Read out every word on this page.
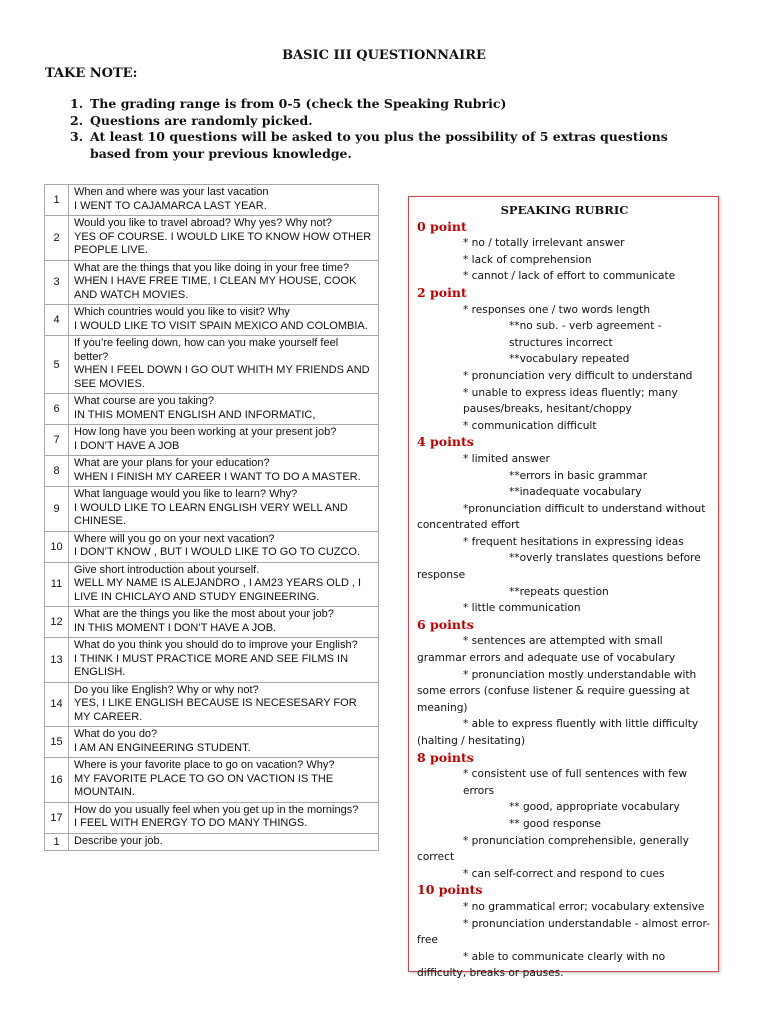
BASIC III QUESTIONNAIRE
TAKE NOTE:
1. The grading range is from 0-5 (check the Speaking Rubric)
2. Questions are randomly picked.
3. At least 10 questions will be asked to you plus the possibility of 5 extras questions based from your previous knowledge.
1	When and where was your last vacation
I WENT TO CAJAMARCA LAST YEAR.

2	Would you like to travel abroad? Why yes? Why not?
YES OF COURSE. I WOULD LIKE TO KNOW HOW OTHER PEOPLE LIVE.

3	What are the things that you like doing in your free time?
WHEN I HAVE FREE TIME, I CLEAN MY HOUSE, COOK AND WATCH MOVIES.

4	Which countries would you like to visit? Why
I WOULD LIKE TO VISIT SPAIN MEXICO AND COLOMBIA.

5	If you’re feeling down, how can you make yourself feel better?
WHEN I FEEL DOWN I GO OUT WHITH MY FRIENDS AND SEE MOVIES.

6	What course are you taking?
IN THIS MOMENT ENGLISH AND INFORMATIC,

7	How long have you been working at your present job?
I DON’T HAVE A JOB

8	What are your plans for your education?
WHEN I FINISH MY CAREER I WANT TO DO A MASTER.

9	What language would you like to learn? Why?
I WOULD LIKE TO LEARN ENGLISH VERY WELL AND CHINESE.

10	Where will you go on your next vacation?
I DON’T KNOW , BUT I WOULD LIKE TO GO TO CUZCO.

11	Give short introduction about yourself.
WELL MY NAME IS ALEJANDRO , I AM23 YEARS OLD , I LIVE IN CHICLAYO AND STUDY ENGINEERING.

12	What are the things you like the most about your job?
IN THIS MOMENT I DON’T HAVE A JOB.

13	What do you think you should do to improve your English?
I THINK I MUST PRACTICE MORE AND SEE FILMS IN ENGLISH.

14	Do you like English? Why or why not?
YES, I LIKE ENGLISH BECAUSE IS NECESESARY FOR MY CAREER.

15	What do you do?
I AM AN ENGINEERING STUDENT.

16	Where is your favorite place to go on vacation? Why?
MY FAVORITE PLACE TO GO ON VACTION IS THE MOUNTAIN.

17	How do you usually feel when you get up in the mornings?
I FEEL WITH ENERGY TO DO MANY THINGS.

1	Describe your job.
SPEAKING RUBRIC
0 point
* no / totally irrelevant answer
* lack of comprehension
* cannot / lack of effort to communicate
2 point
* responses one / two words length
**no sub. - verb agreement - structures incorrect
**vocabulary repeated
* pronunciation very difficult to understand
* unable to express ideas fluently; many pauses/breaks, hesitant/choppy
* communication difficult
4 points
* limited answer
**errors in basic grammar
**inadequate vocabulary
*pronunciation difficult to understand without concentrated effort
* frequent hesitations in expressing ideas
**overly translates questions before response
**repeats question
* little communication
6 points
* sentences are attempted with small grammar errors and adequate use of vocabulary
* pronunciation mostly understandable with some errors (confuse listener & require guessing at meaning)
* able to express fluently with little difficulty (halting / hesitating)
8 points
* consistent use of full sentences with few errors
** good, appropriate vocabulary
** good response
* pronunciation comprehensible, generally correct
* can self-correct and respond to cues
10 points
* no grammatical error; vocabulary extensive
* pronunciation understandable - almost error-free
* able to communicate clearly with no difficulty, breaks or pauses.
